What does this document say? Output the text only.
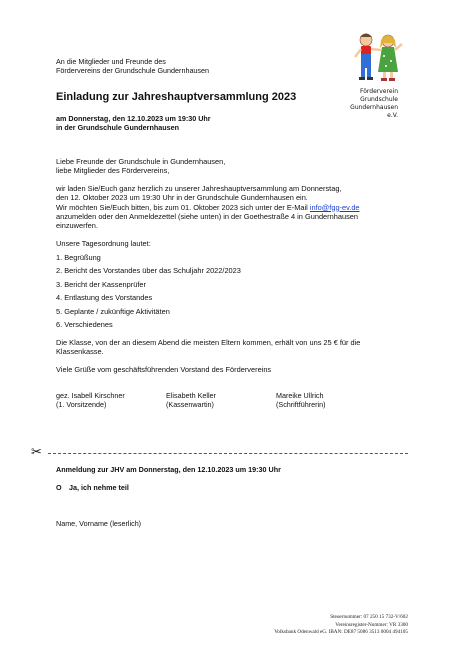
An die Mitglieder und Freunde des
Fördervereins der Grundschule Gundernhausen
Förderverein
Grundschule
Gundernhausen e.V.
Einladung zur Jahreshauptversammlung 2023
am Donnerstag, den 12.10.2023 um 19:30 Uhr
in der Grundschule Gundernhausen
Liebe Freunde der Grundschule in Gundernhausen,
liebe Mitglieder des Fördervereins,
wir laden Sie/Euch ganz herzlich zu unserer Jahreshauptversammlung am Donnerstag,
den 12. Oktober 2023 um 19:30 Uhr in der Grundschule Gundernhausen ein.
Wir möchten Sie/Euch bitten, bis zum 01. Oktober 2023 sich unter der E-Mail info@fgg-ev.de
anzumelden oder den Anmeldezettel (siehe unten) in der Goethestraße 4 in Gundernhausen
einzuwerfen.
Unsere Tagesordnung lautet:
1. Begrüßung
2. Bericht des Vorstandes über das Schuljahr 2022/2023
3. Bericht der Kassenprüfer
4. Entlastung des Vorstandes
5. Geplante / zukünftige Aktivitäten
6. Verschiedenes
Die Klasse, von der an diesem Abend die meisten Eltern kommen, erhält von uns 25 € für die
Klassenkasse.
Viele Grüße vom geschäftsführenden Vorstand des Fördervereins
gez. Isabell Kirschner
(1. Vorsitzende)
Elisabeth Keller
(Kassenwartin)
Mareike Ullrich
(Schriftführerin)
✂
Anmeldung zur JHV am Donnerstag, den 12.10.2023 um 19:30 Uhr
O Ja, ich nehme teil
Name, Vorname (leserlich)
Steuernummer: 07 250 15 732-V/602
Vereinsregister-Nummer: VR 3300
Volksbank Odenwald eG. IBAN: DE87 5086 3513 0004 494105
